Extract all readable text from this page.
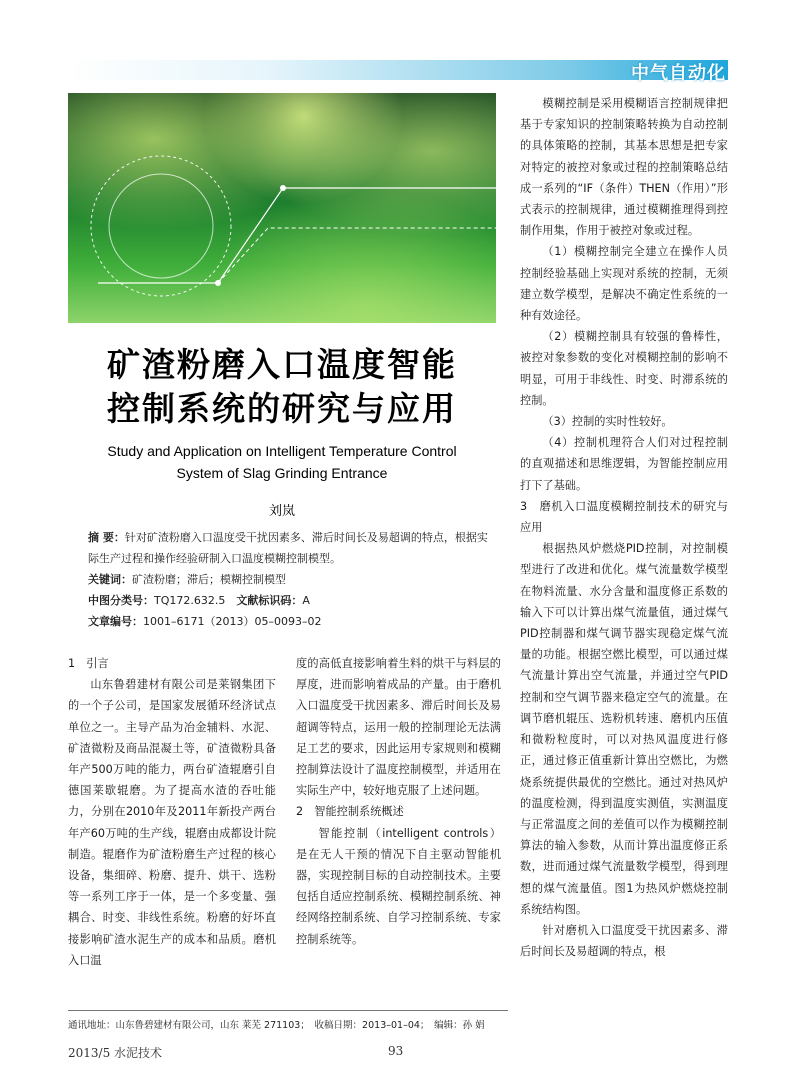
中气自动化
矿渣粉磨入口温度智能
控制系统的研究与应用
Study and Application on Intelligent Temperature Control
System of Slag Grinding Entrance
刘岚
摘 要：针对矿渣粉磨入口温度受干扰因素多、滞后时间长及易超调的特点，根据实际生产过程和操作经验研制入口温度模糊控制模型。
关键词：矿渣粉磨；滞后；模糊控制模型
中图分类号：TQ172.632.5　 文献标识码：A
文章编号：1001–6171（2013）05–0093–02
1　引言

山东鲁碧建材有限公司是莱钢集团下的一个子公司，是国家发展循环经济试点单位之一。主导产品为冶金辅料、水泥、矿渣微粉及商品混凝土等，矿渣微粉具备年产500万吨的能力，两台矿渣辊磨引自德国莱歇辊磨。为了提高水渣的吞吐能力，分别在2010年及2011年新投产两台年产60万吨的生产线，辊磨由成都设计院制造。辊磨作为矿渣粉磨生产过程的核心设备，集细碎、粉磨、提升、烘干、选粉等一系列工序于一体，是一个多变量、强耦合、时变、非线性系统。粉磨的好坏直接影响矿渣水泥生产的成本和品质。磨机入口温

度的高低直接影响着生料的烘干与料层的厚度，进而影响着成品的产量。由于磨机入口温度受干扰因素多、滞后时间长及易超调等特点，运用一般的控制理论无法满足工艺的要求，因此运用专家规则和模糊控制算法设计了温度控制模型，并适用在实际生产中，较好地克服了上述问题。

2　智能控制系统概述

智能控制（intelligent controls）是在无人干预的情况下自主驱动智能机器，实现控制目标的自动控制技术。主要包括自适应控制系统、模糊控制系统、神经网络控制系统、自学习控制系统、专家控制系统等。

模糊控制是采用模糊语言控制规律把基于专家知识的控制策略转换为自动控制的具体策略的控制，其基本思想是把专家对特定的被控对象或过程的控制策略总结成一系列的“IF（条件）THEN（作用）”形式表示的控制规律，通过模糊推理得到控制作用集，作用于被控对象或过程。

（1）模糊控制完全建立在操作人员控制经验基础上实现对系统的控制，无须建立数学模型，是解决不确定性系统的一种有效途径。

（2）模糊控制具有较强的鲁棒性，被控对象参数的变化对模糊控制的影响不明显，可用于非线性、时变、时滞系统的控制。

（3）控制的实时性较好。

（4）控制机理符合人们对过程控制的直观描述和思维逻辑，为智能控制应用打下了基础。

3　磨机入口温度模糊控制技术的研究与应用

根据热风炉燃烧PID控制，对控制模型进行了改进和优化。煤气流量数学模型在物料流量、水分含量和温度修正系数的输入下可以计算出煤气流量值，通过煤气PID控制器和煤气调节器实现稳定煤气流量的功能。根据空燃比模型，可以通过煤气流量计算出空气流量，并通过空气PID控制和空气调节器来稳定空气的流量。在调节磨机辊压、选粉机转速、磨机内压值和微粉粒度时，可以对热风温度进行修正，通过修正值重新计算出空燃比，为燃烧系统提供最优的空燃比。通过对热风炉的温度检测，得到温度实测值，实测温度与正常温度之间的差值可以作为模糊控制算法的输入参数，从而计算出温度修正系数，进而通过煤气流量数学模型，得到理想的煤气流量值。图1为热风炉燃烧控制系统结构图。

针对磨机入口温度受干扰因素多、滞后时间长及易超调的特点，根

通讯地址：山东鲁碧建材有限公司，山东 莱芜 271103；　收稿日期：2013–01–04；　编辑：孙 娟
2013/5 水泥技术	93
